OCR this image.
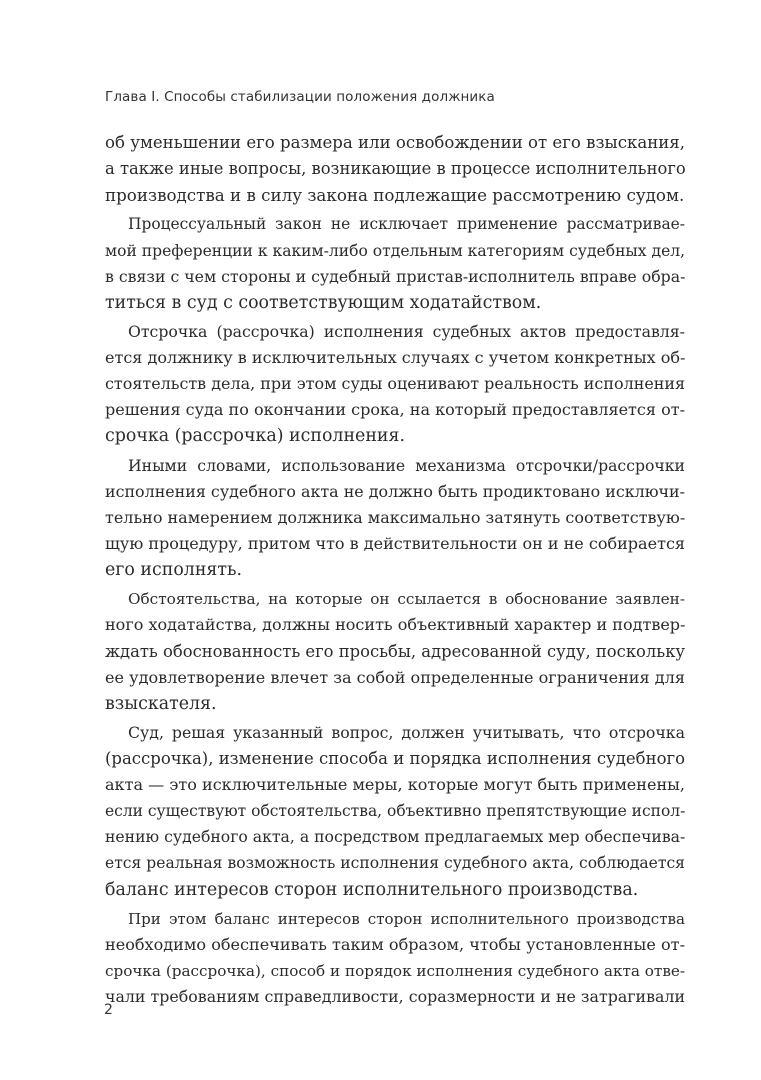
Глава I. Способы стабилизации положения должника
об уменьшении его размера или освобождении от его взыскания,
а также иные вопросы, возникающие в процессе исполнительного
производства и в силу закона подлежащие рассмотрению судом.
Процессуальный закон не исключает применение рассматривае-
мой преференции к каким-либо отдельным категориям судебных дел,
в связи с чем стороны и судебный пристав-исполнитель вправе обра-
титься в суд с соответствующим ходатайством.
Отсрочка (рассрочка) исполнения судебных актов предоставля-
ется должнику в исключительных случаях с учетом конкретных об-
стоятельств дела, при этом суды оценивают реальность исполнения
решения суда по окончании срока, на который предоставляется от-
срочка (рассрочка) исполнения.
Иными словами, использование механизма отсрочки/рассрочки
исполнения судебного акта не должно быть продиктовано исключи-
тельно намерением должника максимально затянуть соответствую-
щую процедуру, притом что в действительности он и не собирается
его исполнять.
Обстоятельства, на которые он ссылается в обоснование заявлен-
ного ходатайства, должны носить объективный характер и подтвер-
ждать обоснованность его просьбы, адресованной суду, поскольку
ее удовлетворение влечет за собой определенные ограничения для
взыскателя.
Суд, решая указанный вопрос, должен учитывать, что отсрочка
(рассрочка), изменение способа и порядка исполнения судебного
акта — это исключительные меры, которые могут быть применены,
если существуют обстоятельства, объективно препятствующие испол-
нению судебного акта, а посредством предлагаемых мер обеспечива-
ется реальная возможность исполнения судебного акта, соблюдается
баланс интересов сторон исполнительного производства.
При этом баланс интересов сторон исполнительного производства
необходимо обеспечивать таким образом, чтобы установленные от-
срочка (рассрочка), способ и порядок исполнения судебного акта отве-
чали требованиям справедливости, соразмерности и не затрагивали
2
